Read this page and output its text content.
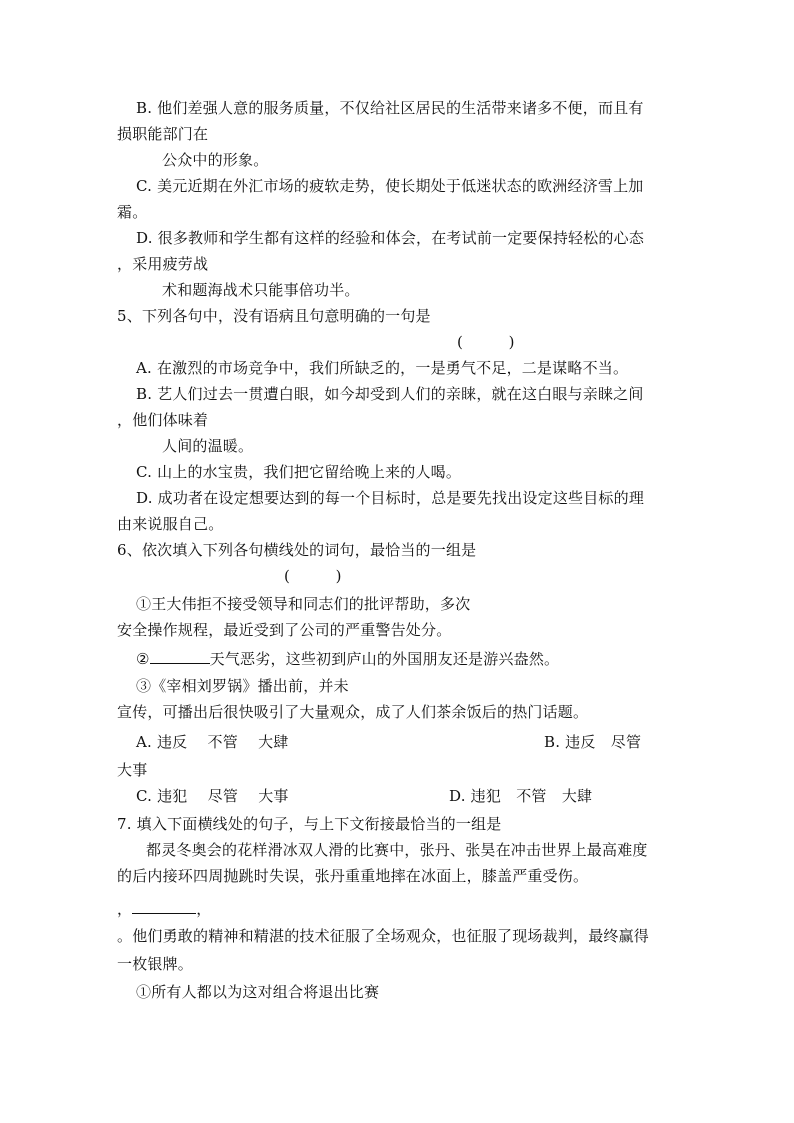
B. 他们差强人意的服务质量，不仅给社区居民的生活带来诸多不便，而且有
损职能部门在
公众中的形象。
C. 美元近期在外汇市场的疲软走势，使长期处于低迷状态的欧洲经济雪上加
霜。
D. 很多教师和学生都有这样的经验和体会，在考试前一定要保持轻松的心态
，采用疲劳战
术和题海战术只能事倍功半。
5、下列各句中，没有语病且句意明确的一句是
(　　　)
A. 在激烈的市场竞争中，我们所缺乏的，一是勇气不足，二是谋略不当。
B. 艺人们过去一贯遭白眼，如今却受到人们的亲睐，就在这白眼与亲睐之间
，他们体味着
人间的温暖。
C. 山上的水宝贵，我们把它留给晚上来的人喝。
D. 成功者在设定想要达到的每一个目标时，总是要先找出设定这些目标的理
由来说服自己。
6、依次填入下列各句横线处的词句，最恰当的一组是
(　　　)
①王大伟拒不接受领导和同志们的批评帮助，多次
安全操作规程，最近受到了公司的严重警告处分。
②	天气恶劣，这些初到庐山的外国朋友还是游兴盎然。
③《宰相刘罗锅》播出前，并未
宣传，可播出后很快吸引了大量观众，成了人们茶余饭后的热门话题。
A. 违反　 不管　 大肆	B. 违反　尽管
大事
C. 违犯　 尽管　 大事	D. 违犯　不管　大肆
7. 填入下面横线处的句子，与上下文衔接最恰当的一组是
都灵冬奥会的花样滑冰双人滑的比赛中，张丹、张昊在冲击世界上最高难度
的后内接环四周抛跳时失误，张丹重重地摔在冰面上，膝盖严重受伤。
，	，
。他们勇敢的精神和精湛的技术征服了全场观众，也征服了现场裁判，最终赢得
一枚银牌。
①所有人都以为这对组合将退出比赛
